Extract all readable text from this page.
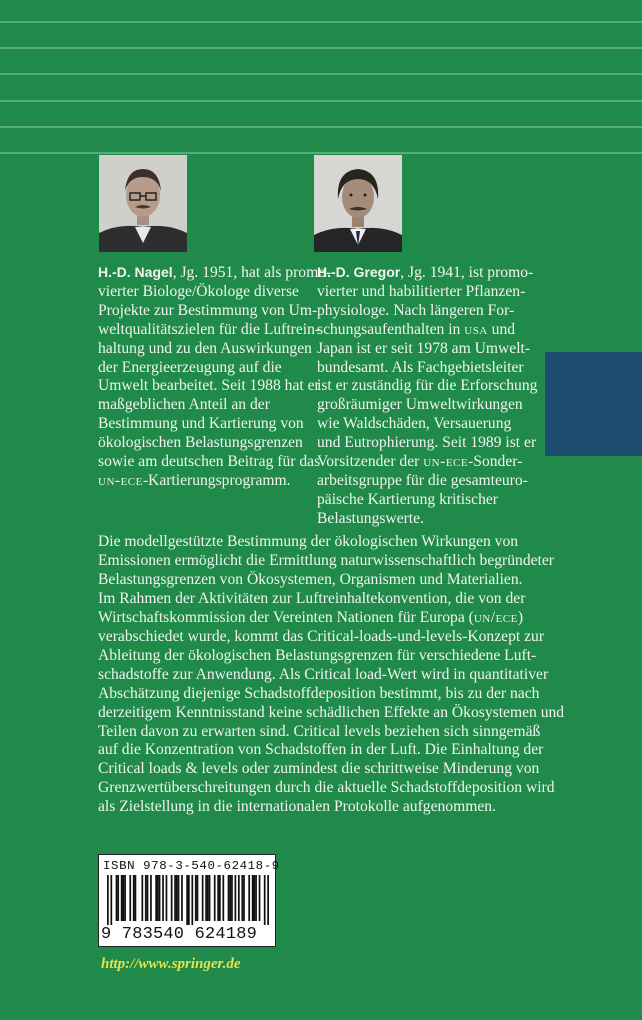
H.-D. Nagel, Jg. 1951, hat als promo-
vierter Biologe/Ökologe diverse
Projekte zur Bestimmung von Um-
weltqualitätszielen für die Luftrein-
haltung und zu den Auswirkungen
der Energieerzeugung auf die
Umwelt bearbeitet. Seit 1988 hat er
maßgeblichen Anteil an der
Bestimmung und Kartierung von
ökologischen Belastungsgrenzen
sowie am deutschen Beitrag für das
un-ece-Kartierungsprogramm.
H.-D. Gregor, Jg. 1941, ist promo-
vierter und habilitierter Pflanzen-
physiologe. Nach längeren For-
schungsaufenthalten in usa und
Japan ist er seit 1978 am Umwelt-
bundesamt. Als Fachgebietsleiter
ist er zuständig für die Erforschung
großräumiger Umweltwirkungen
wie Waldschäden, Versauerung
und Eutrophierung. Seit 1989 ist er
Vorsitzender der un-ece-Sonder-
arbeitsgruppe für die gesamteuro-
päische Kartierung kritischer
Belastungswerte.
Die modellgestützte Bestimmung der ökologischen Wirkungen von
Emissionen ermöglicht die Ermittlung naturwissenschaftlich begründeter
Belastungsgrenzen von Ökosystemen, Organismen und Materialien.
Im Rahmen der Aktivitäten zur Luftreinhaltekonvention, die von der
Wirtschaftskommission der Vereinten Nationen für Europa (un/ece)
verabschiedet wurde, kommt das Critical-loads-und-levels-Konzept zur
Ableitung der ökologischen Belastungsgrenzen für verschiedene Luft-
schadstoffe zur Anwendung. Als Critical load-Wert wird in quantitativer
Abschätzung diejenige Schadstoffdeposition bestimmt, bis zu der nach
derzeitigem Kenntnisstand keine schädlichen Effekte an Ökosystemen und
Teilen davon zu erwarten sind. Critical levels beziehen sich sinngemäß
auf die Konzentration von Schadstoffen in der Luft. Die Einhaltung der
Critical loads & levels oder zumindest die schrittweise Minderung von
Grenzwertüberschreitungen durch die aktuelle Schadstoffdeposition wird
als Zielstellung in die internationalen Protokolle aufgenommen.
ISBN 978-3-540-62418-9
9 783540 624189
http://www.springer.de
